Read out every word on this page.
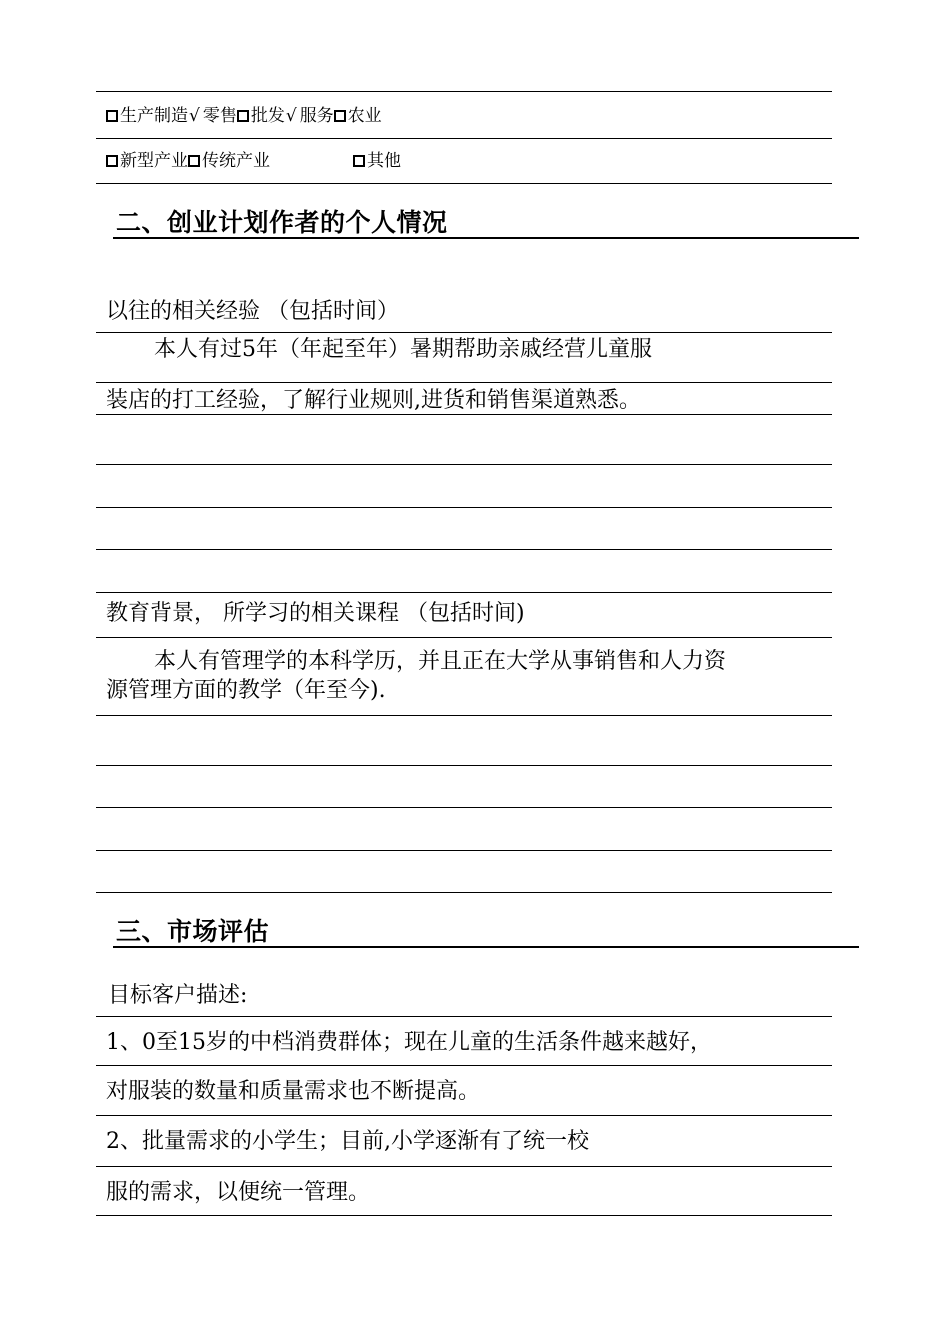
生产制造√ 零售 批发√ 服务 农业
新型产业 传统产业	其他
二、创业计划作者的个人情况
以往的相关经验 （包括时间）
本人有过5年（年起至年）暑期帮助亲戚经营儿童服
装店的打工经验，了解行业规则,进货和销售渠道熟悉。
教育背景， 所学习的相关课程 （包括时间)
本人有管理学的本科学历，并且正在大学从事销售和人力资
源管理方面的教学（年至今).
三、市场评估
目标客户描述:
1、0至15岁的中档消费群体；现在儿童的生活条件越来越好，
对服装的数量和质量需求也不断提高。
2、批量需求的小学生；目前,小学逐渐有了统一校
服的需求，以便统一管理。
